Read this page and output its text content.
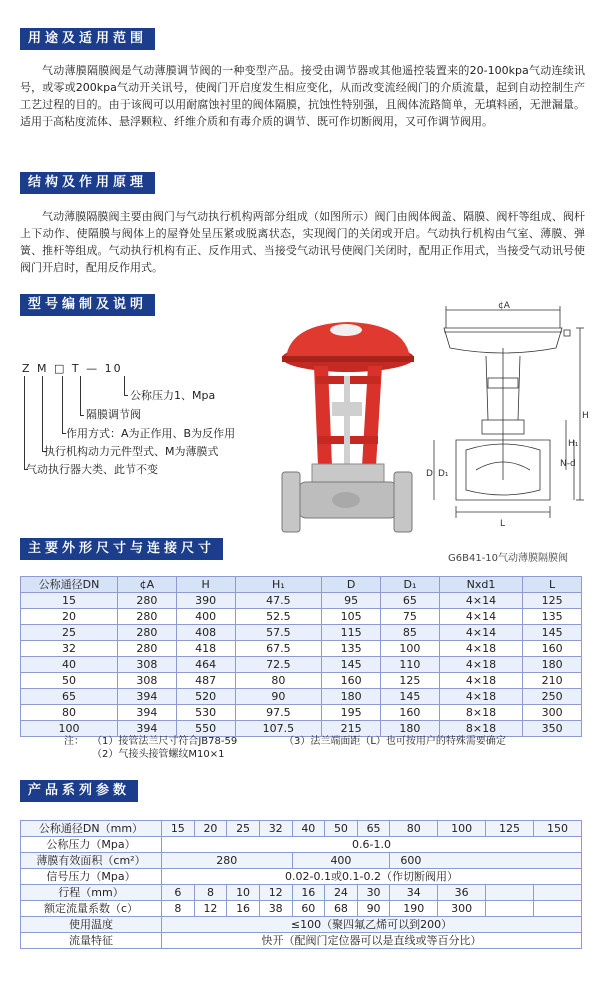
用途及适用范围
气动薄膜隔膜阀是气动薄膜调节阀的一种变型产品。接受由调节器或其他遥控装置来的20-100kpa气动连续讯号，或零或200kpa气动开关讯号，使阀门开启度发生相应变化，从而改变流经阀门的介质流量，起到自动控制生产工艺过程的目的。由于该阀可以用耐腐蚀衬里的阀体隔膜，抗蚀性特别强，且阀体流路简单，无填料函，无泄漏量。适用于高粘度流体、悬浮颗粒、纤维介质和有毒介质的调节、既可作切断阀用，又可作调节阀用。
结构及作用原理
气动薄膜隔膜阀主要由阀门与气动执行机构两部分组成（如图所示）阀门由阀体阀盖、隔膜、阀杆等组成、阀杆上下动作、使隔膜与阀体上的屋脊处呈压紧或脱离状态，实现阀门的关闭或开启。气动执行机构由气室、薄膜、弹簧、推杆等组成。气动执行机构有正、反作用式、当接受气动讯号使阀门关闭时，配用正作用式，当接受气动讯号使阀门开启时，配用反作用式。
型号编制及说明
Z M □ T — 10
公称压力1、Mpa
隔膜调节阀
作用方式：A为正作用、B为反作用
执行机构动力元件型式、M为薄膜式
气动执行器大类、此节不变
¢A
H
H₁
N-d
D D₁
L
主要外形尺寸与连接尺寸
G6B41-10气动薄膜隔膜阀
公称通径DN	¢A	H	H₁	D	D₁	Nxd1	L
15	280	390	47.5	95	65	4×14	125
20	280	400	52.5	105	75	4×14	135
25	280	408	57.5	115	85	4×14	145
32	280	418	67.5	135	100	4×18	160
40	308	464	72.5	145	110	4×18	180
50	308	487	80	160	125	4×18	210
65	394	520	90	180	145	4×18	250
80	394	530	97.5	195	160	8×18	300
100	394	550	107.5	215	180	8×18	350
注： （1）接管法兰尺寸符合JB78-59	（3）法兰端面距（L）也可按用户的特殊需要确定
（2）气接头接管螺纹M10×1
产品系列参数
公称通径DN（mm）	15	20	25	32	40	50	65	80	100	125	150
公称压力（Mpa）	0.6-1.0										
薄膜有效面积（cm²）	280				400			600			
信号压力（Mpa）	0.02-0.1或0.1-0.2（作切断阀用）										
行程（mm）	6	8	10	12	16	24	30	34	36		
额定流量系数（c）	8	12	16	38	60	68	90	190	300		
使用温度	≤100（聚四氟乙烯可以到200）										
流量特征	快开（配阀门定位器可以是直线或等百分比）										
